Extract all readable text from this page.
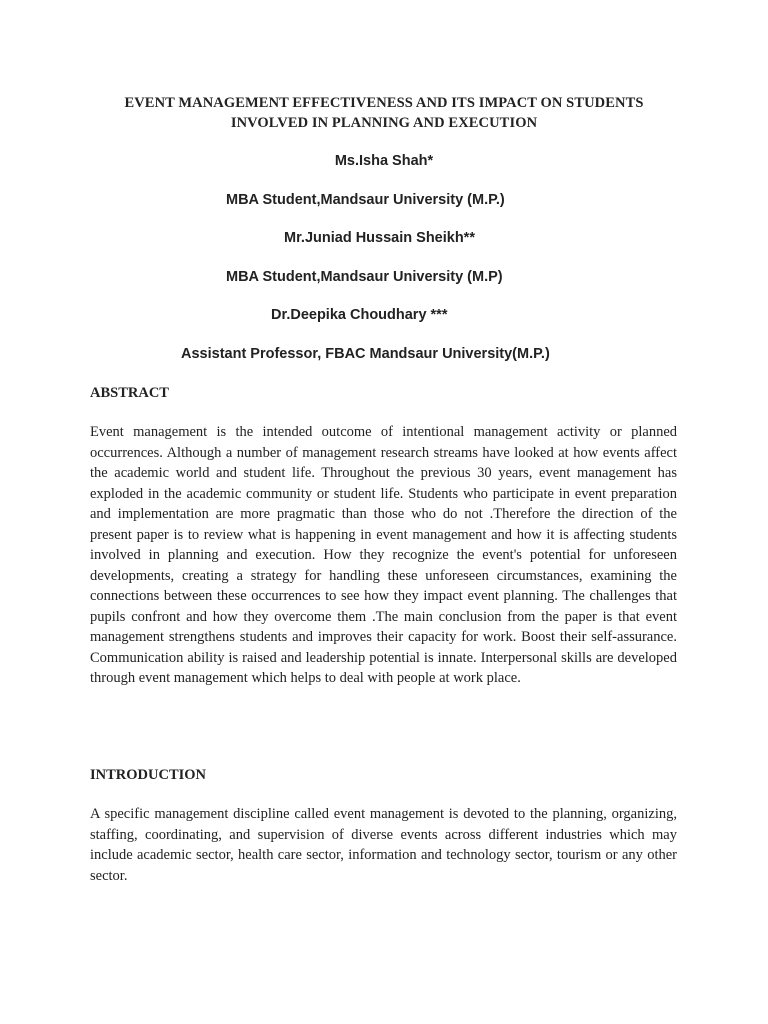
EVENT MANAGEMENT EFFECTIVENESS AND ITS IMPACT ON STUDENTS
INVOLVED IN PLANNING AND EXECUTION
Ms.Isha Shah*
MBA Student,Mandsaur University (M.P.)
Mr.Juniad Hussain Sheikh**
MBA Student,Mandsaur University (M.P)
Dr.Deepika Choudhary ***
Assistant Professor, FBAC Mandsaur University(M.P.)
ABSTRACT

Event management is the intended outcome of intentional management activity or planned occurrences. Although a number of management research streams have looked at how events affect the academic world and student life. Throughout the previous 30 years, event management has exploded in the academic community or student life. Students who participate in event preparation and implementation are more pragmatic than those who do not .Therefore the direction of the present paper is to review what is happening in event management and how it is affecting students involved in planning and execution. How they recognize the event's potential for unforeseen developments, creating a strategy for handling these unforeseen circumstances, examining the connections between these occurrences to see how they impact event planning. The challenges that pupils confront and how they overcome them .The main conclusion from the paper is that event management strengthens students and improves their capacity for work. Boost their self-assurance. Communication ability is raised and leadership potential is innate. Interpersonal skills are developed through event management which helps to deal with people at work place.

INTRODUCTION

A specific management discipline called event management is devoted to the planning, organizing, staffing, coordinating, and supervision of diverse events across different industries which may include academic sector, health care sector, information and technology sector, tourism or any other sector.
